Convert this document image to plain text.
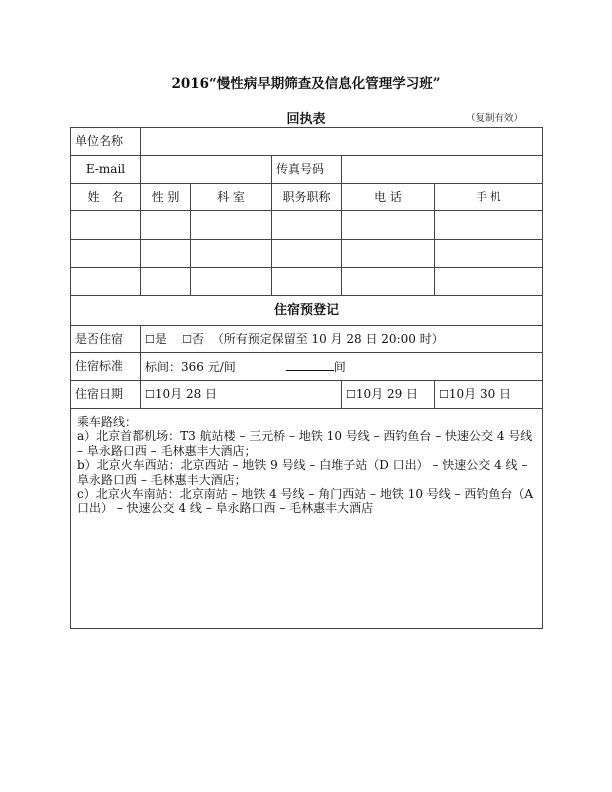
2016“慢性病早期筛查及信息化管理学习班”
回执表	（复制有效）
单位名称					
E-mail			传真号码		
姓　名	性 别	科 室	职务职称	电 话	手 机

住宿预登记					
是否住宿	☐是 ☐否 （所有预定保留至 10 月 28 日 20:00 时）				
住宿标准	标间：366 元/间 间				
住宿日期	☐10月 28 日			☐10月 29 日	☐10月 30 日

乘车路线：

a）北京首都机场：T3 航站楼 – 三元桥 – 地铁 10 号线 – 西钓鱼台 – 快速公交 4 号线 – 阜永路口西 – 毛林惠丰大酒店；

b）北京火车西站：北京西站 – 地铁 9 号线 – 白堆子站（D 口出） – 快速公交 4 线 – 阜永路口西 – 毛林惠丰大酒店；

c）北京火车南站：北京南站 – 地铁 4 号线 – 角门西站 – 地铁 10 号线 – 西钓鱼台（A 口出） – 快速公交 4 线 – 阜永路口西 – 毛林惠丰大酒店					
